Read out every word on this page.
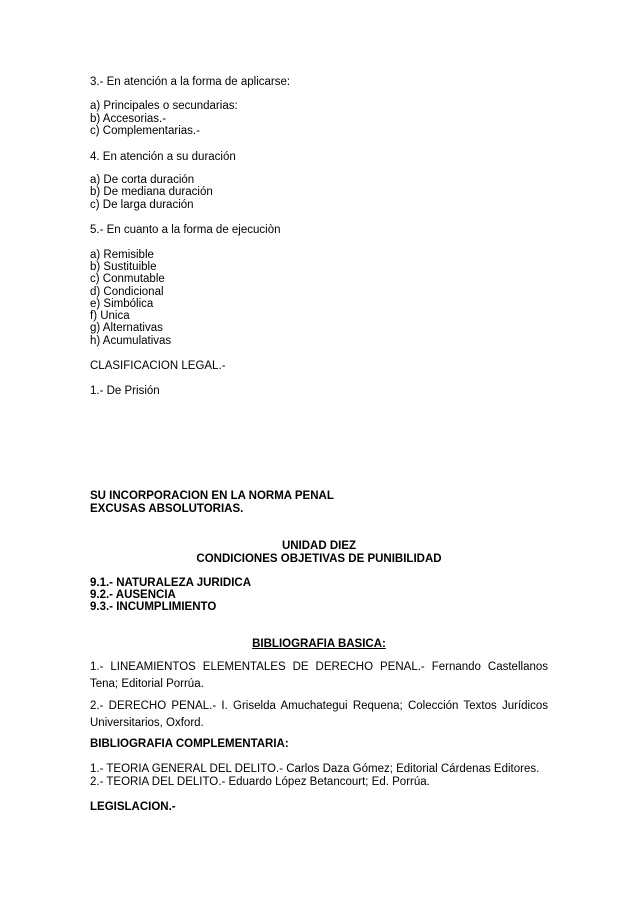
3.- En atención a la forma de aplicarse:
a) Principales o secundarias:
b) Accesorias.-
c) Complementarias.-
4. En atención a su duración
a) De corta duración
b) De mediana duración
c) De larga duración
5.- En cuanto a la forma de ejecuciòn
a) Remisible
b) Sustituible
c) Conmutable
d) Condicional
e) Simbólica
f) Unica
g) Alternativas
h) Acumulativas
CLASIFICACION LEGAL.-
1.- De Prisión
SU INCORPORACION EN LA NORMA PENAL
EXCUSAS ABSOLUTORIAS.
UNIDAD DIEZ
CONDICIONES OBJETIVAS DE PUNIBILIDAD
9.1.- NATURALEZA JURIDICA
9.2.- AUSENCIA
9.3.- INCUMPLIMIENTO
BIBLIOGRAFIA BASICA:
1.- LINEAMIENTOS ELEMENTALES DE DERECHO PENAL.- Fernando Castellanos Tena; Editorial Porrúa.
2.- DERECHO PENAL.- I. Griselda Amuchategui Requena; Colección Textos Jurídicos Universitarios, Oxford.
BIBLIOGRAFIA COMPLEMENTARIA:
1.- TEORIA GENERAL DEL DELITO.- Carlos Daza Gómez; Editorial Cárdenas Editores.
2.- TEORIA DEL DELITO.- Eduardo López Betancourt; Ed. Porrúa.
LEGISLACION.-
